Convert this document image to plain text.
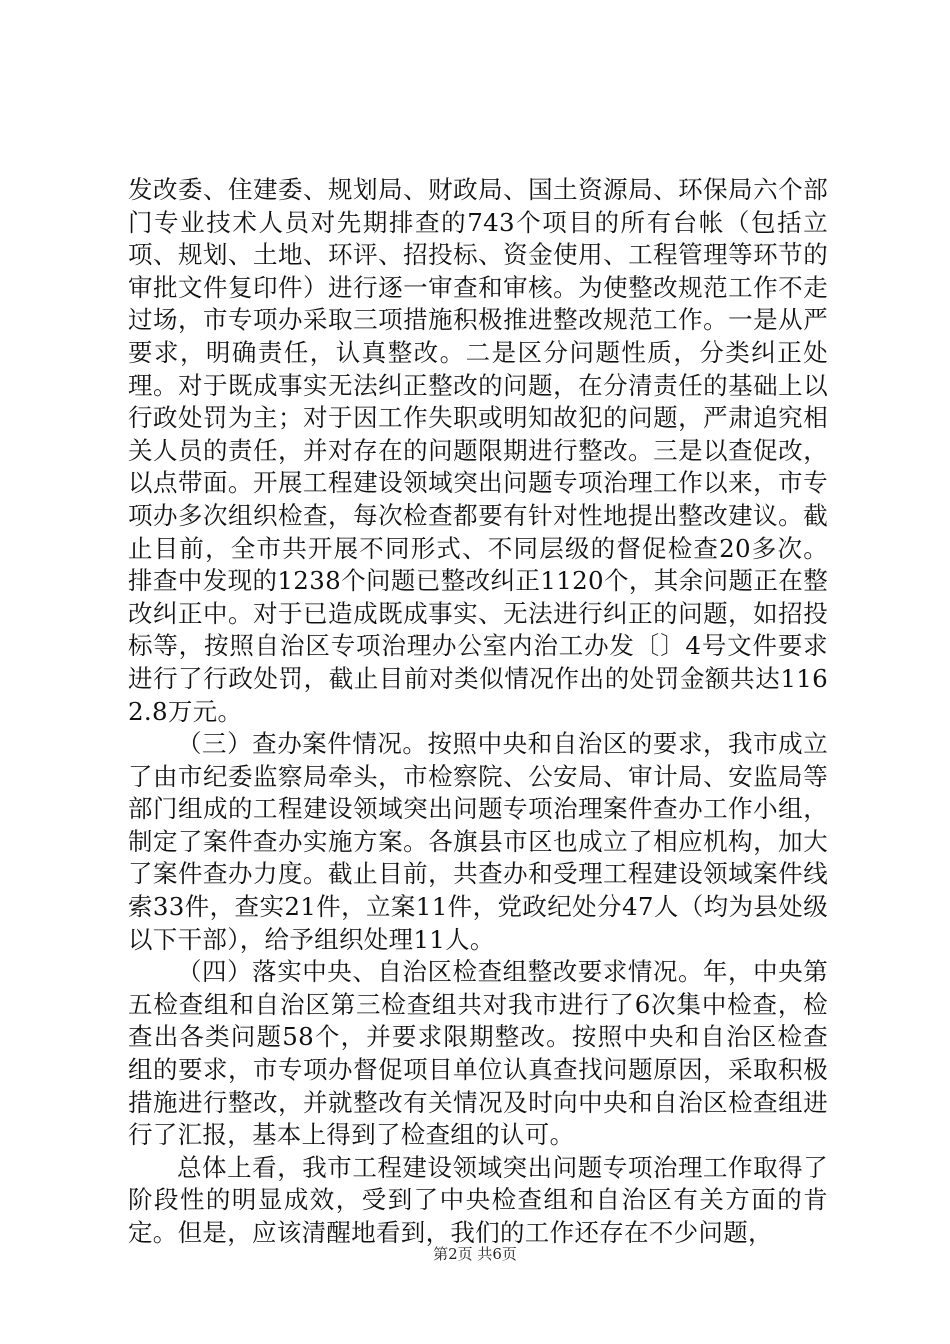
发改委、住建委、规划局、财政局、国土资源局、环保局六个部门专业技术人员对先期排查的743个项目的所有台帐（包括立项、规划、土地、环评、招投标、资金使用、工程管理等环节的审批文件复印件）进行逐一审查和审核。为使整改规范工作不走过场，市专项办采取三项措施积极推进整改规范工作。一是从严要求，明确责任，认真整改。二是区分问题性质，分类纠正处理。对于既成事实无法纠正整改的问题，在分清责任的基础上以行政处罚为主；对于因工作失职或明知故犯的问题，严肃追究相关人员的责任，并对存在的问题限期进行整改。三是以查促改，以点带面。开展工程建设领域突出问题专项治理工作以来，市专项办多次组织检查，每次检查都要有针对性地提出整改建议。截止目前，全市共开展不同形式、不同层级的督促检查20多次。排查中发现的1238个问题已整改纠正1120个，其余问题正在整改纠正中。对于已造成既成事实、无法进行纠正的问题，如招投标等，按照自治区专项治理办公室内治工办发〔〕4号文件要求进行了行政处罚，截止目前对类似情况作出的处罚金额共达1162.8万元。

（三）查办案件情况。按照中央和自治区的要求，我市成立了由市纪委监察局牵头，市检察院、公安局、审计局、安监局等部门组成的工程建设领域突出问题专项治理案件查办工作小组，制定了案件查办实施方案。各旗县市区也成立了相应机构，加大了案件查办力度。截止目前，共查办和受理工程建设领域案件线索33件，查实21件，立案11件，党政纪处分47人（均为县处级以下干部），给予组织处理11人。

（四）落实中央、自治区检查组整改要求情况。年，中央第五检查组和自治区第三检查组共对我市进行了6次集中检查，检查出各类问题58个，并要求限期整改。按照中央和自治区检查组的要求，市专项办督促项目单位认真查找问题原因，采取积极措施进行整改，并就整改有关情况及时向中央和自治区检查组进行了汇报，基本上得到了检查组的认可。

总体上看，我市工程建设领域突出问题专项治理工作取得了阶段性的明显成效，受到了中央检查组和自治区有关方面的肯定。但是，应该清醒地看到，我们的工作还存在不少问题，

第2页 共6页
